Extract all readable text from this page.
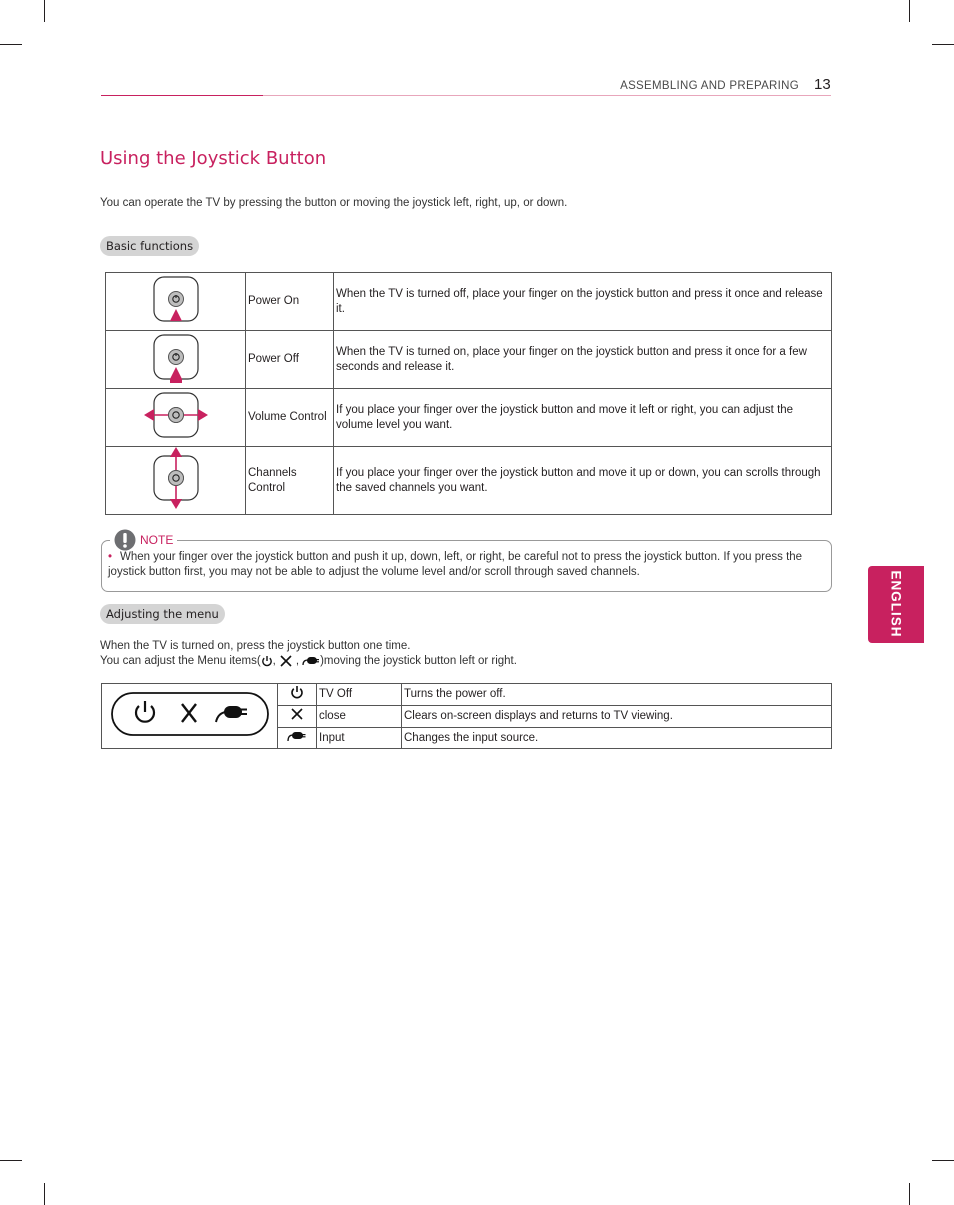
ASSEMBLING AND PREPARING 13
Using the Joystick Button
You can operate the TV by pressing the button or moving the joystick left, right, up, or down.
Basic functions
	Power On	When the TV is turned off, place your finger on the joystick button and press it once and release it.
	Power Off	When the TV is turned on, place your finger on the joystick button and press it once for a few seconds and release it.
	Volume Control	If you place your finger over the joystick button and move it left or right, you can adjust the volume level you want.
	Channels Control	If you place your finger over the joystick button and move it up or down, you can scrolls through the saved channels you want.
NOTE
• When your finger over the joystick button and push it up, down, left, or right, be careful not to press the joystick button. If you press the joystick button first, you may not be able to adjust the volume level and/or scroll through saved channels.	ENGLISH
Adjusting the menu
When the TV is turned on, press the joystick button one time.
You can adjust the Menu items( , , )moving the joystick button left or right.
		TV Off	Turns the power off.
	close	Clears on-screen displays and returns to TV viewing.
	Input	Changes the input source.
